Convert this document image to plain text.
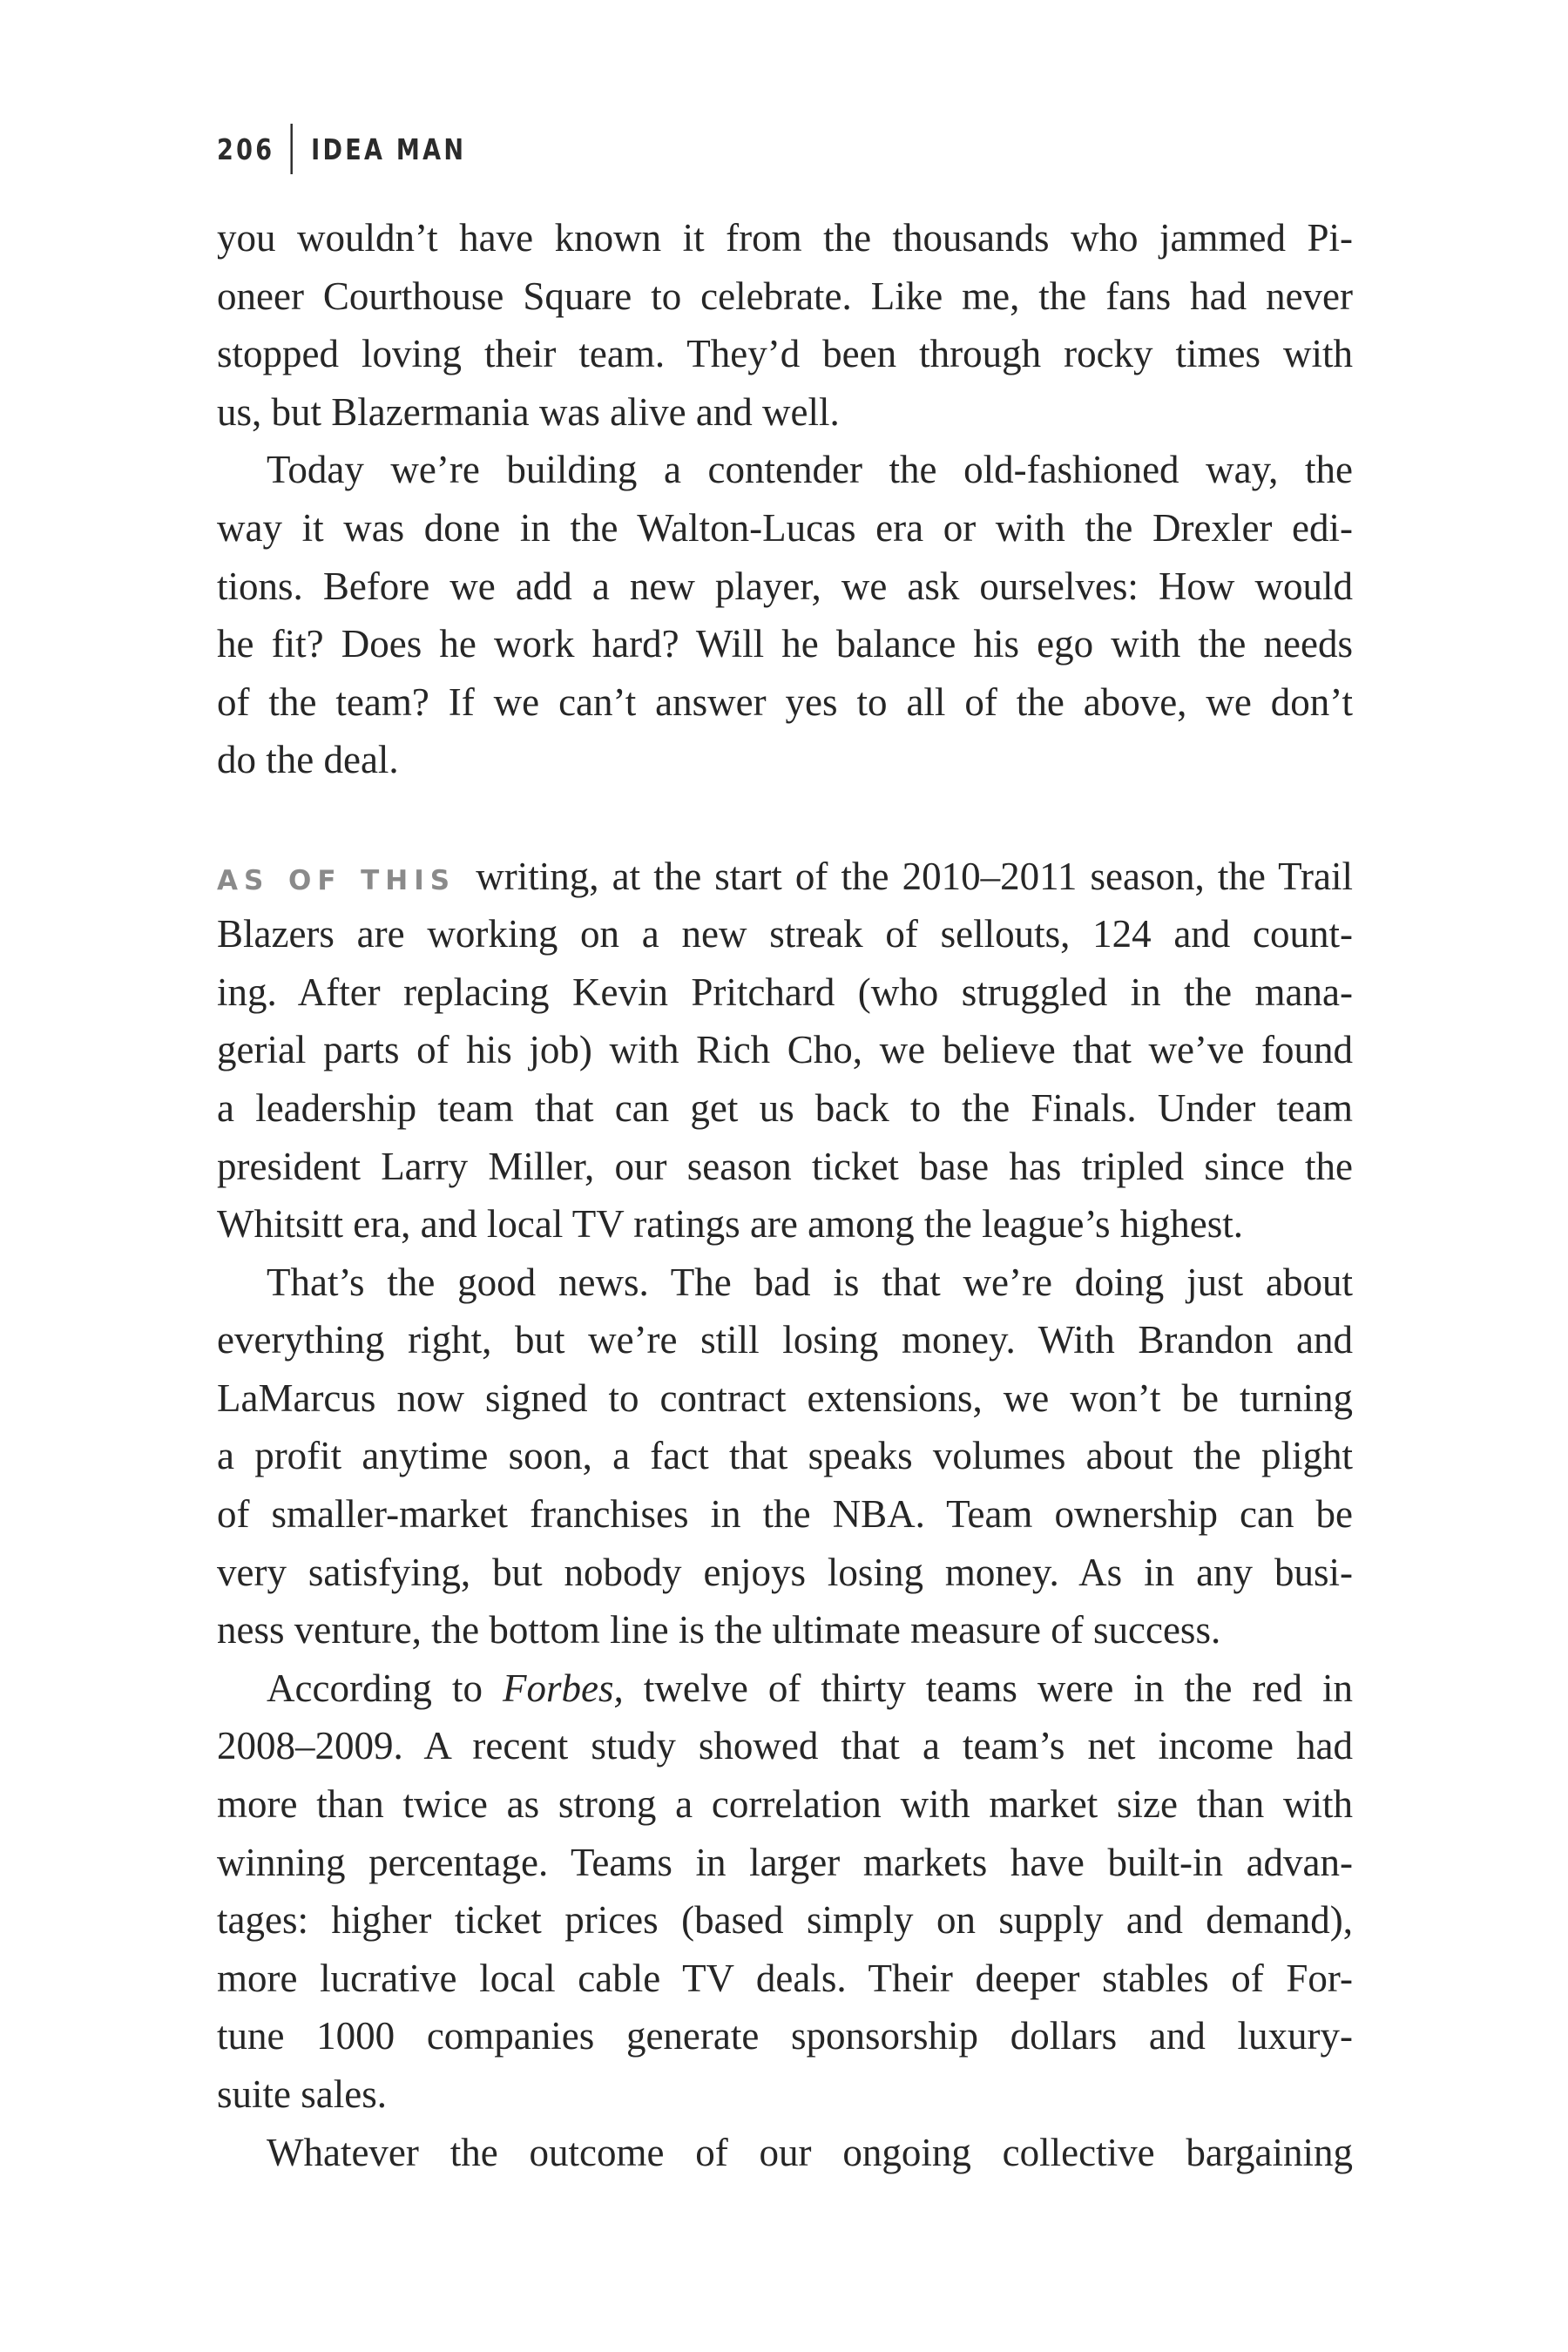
206 IDEA MAN
you wouldn’t have known it from the thousands who jammed Pi-
oneer Courthouse Square to celebrate. Like me, the fans had never
stopped loving their team. They’d been through rocky times with
us, but Blazermania was alive and well.
Today we’re building a contender the old-fashioned way, the
way it was done in the Walton-Lucas era or with the Drexler edi-
tions. Before we add a new player, we ask ourselves: How would
he fit? Does he work hard? Will he balance his ego with the needs
of the team? If we can’t answer yes to all of the above, we don’t
do the deal.
AS OF THIS writing, at the start of the 2010–2011 season, the Trail
Blazers are working on a new streak of sellouts, 124 and count-
ing. After replacing Kevin Pritchard (who struggled in the mana-
gerial parts of his job) with Rich Cho, we believe that we’ve found
a leadership team that can get us back to the Finals. Under team
president Larry Miller, our season ticket base has tripled since the
Whitsitt era, and local TV ratings are among the league’s highest.
That’s the good news. The bad is that we’re doing just about
everything right, but we’re still losing money. With Brandon and
LaMarcus now signed to contract extensions, we won’t be turning
a profit anytime soon, a fact that speaks volumes about the plight
of smaller-market franchises in the NBA. Team ownership can be
very satisfying, but nobody enjoys losing money. As in any busi-
ness venture, the bottom line is the ultimate measure of success.
According to Forbes, twelve of thirty teams were in the red in
2008–2009. A recent study showed that a team’s net income had
more than twice as strong a correlation with market size than with
winning percentage. Teams in larger markets have built-in advan-
tages: higher ticket prices (based simply on supply and demand),
more lucrative local cable TV deals. Their deeper stables of For-
tune 1000 companies generate sponsorship dollars and luxury-
suite sales.
Whatever the outcome of our ongoing collective bargaining
